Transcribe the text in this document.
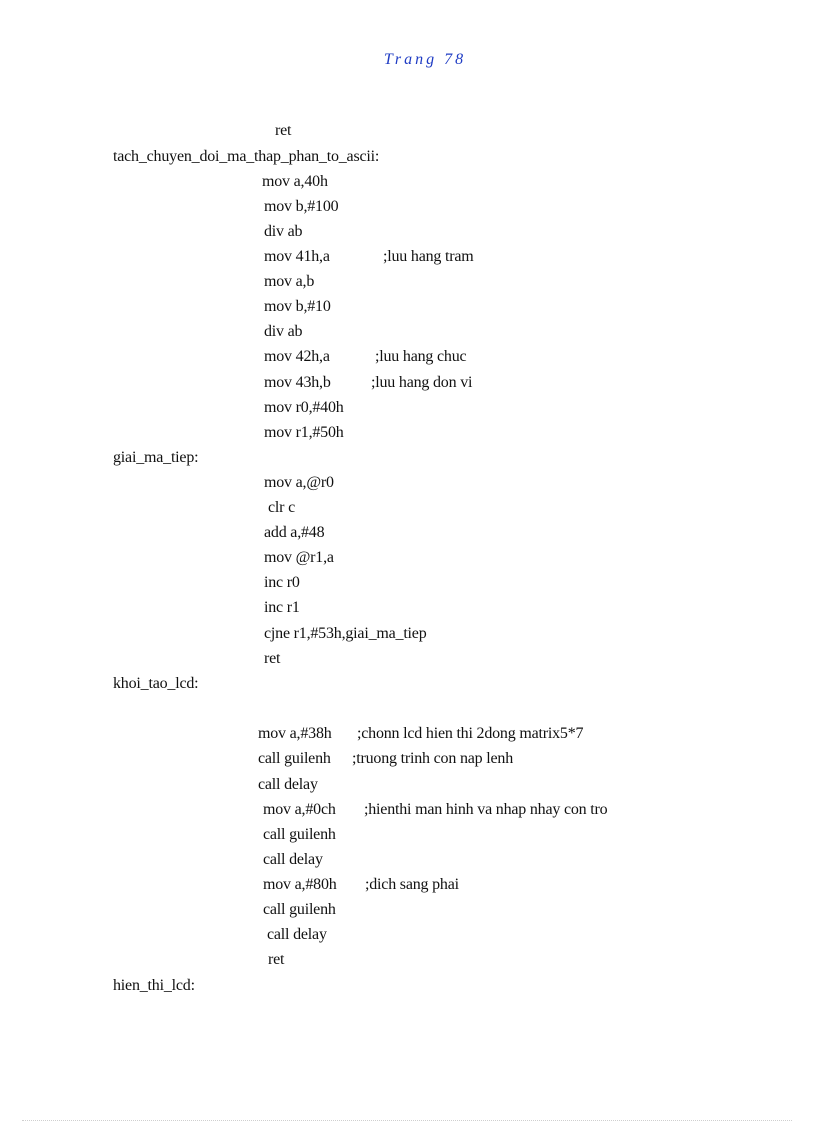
Trang 78
ret
tach_chuyen_doi_ma_thap_phan_to_ascii:
mov a,40h
mov b,#100
div ab
mov 41h,a	;luu hang tram
mov a,b
mov b,#10
div ab
mov 42h,a	;luu hang chuc
mov 43h,b	;luu hang don vi
mov r0,#40h
mov r1,#50h
giai_ma_tiep:
mov a,@r0
clr c
add a,#48
mov @r1,a
inc r0
inc r1
cjne r1,#53h,giai_ma_tiep
ret
khoi_tao_lcd:
mov a,#38h ;chonn lcd hien thi 2dong matrix5*7
call guilenh ;truong trinh con nap lenh
call delay
mov a,#0ch ;hienthi man hinh va nhap nhay con tro
call guilenh
call delay
mov a,#80h ;dich sang phai
call guilenh
call delay
ret
hien_thi_lcd:
